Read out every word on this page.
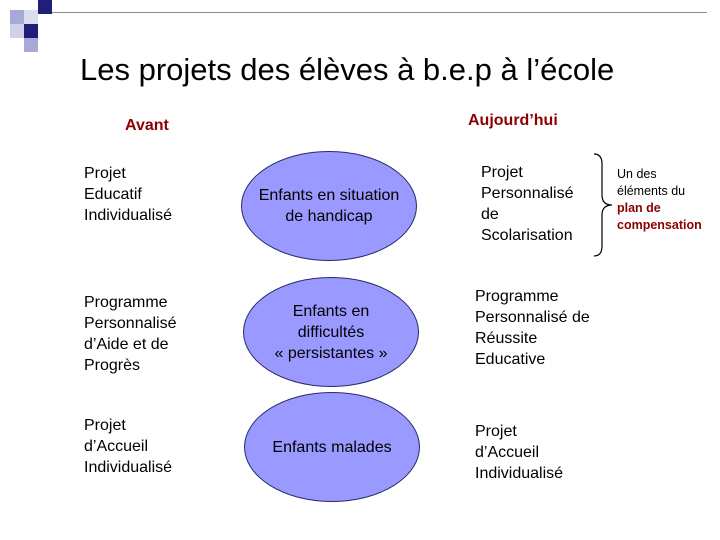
Les projets des élèves à b.e.p à l’école
Avant	Aujourd’hui
Projet
Educatif
Individualisé
Enfants en situation
de handicap
Projet
Personnalisé
de
Scolarisation
Programme
Personnalisé
d’Aide et de
Progrès
Enfants en
difficultés
« persistantes »
Programme
Personnalisé de
Réussite
Educative
Projet
d’Accueil
Individualisé
Enfants malades
Projet
d’Accueil
Individualisé
Un des
éléments du
plan de
compensation
